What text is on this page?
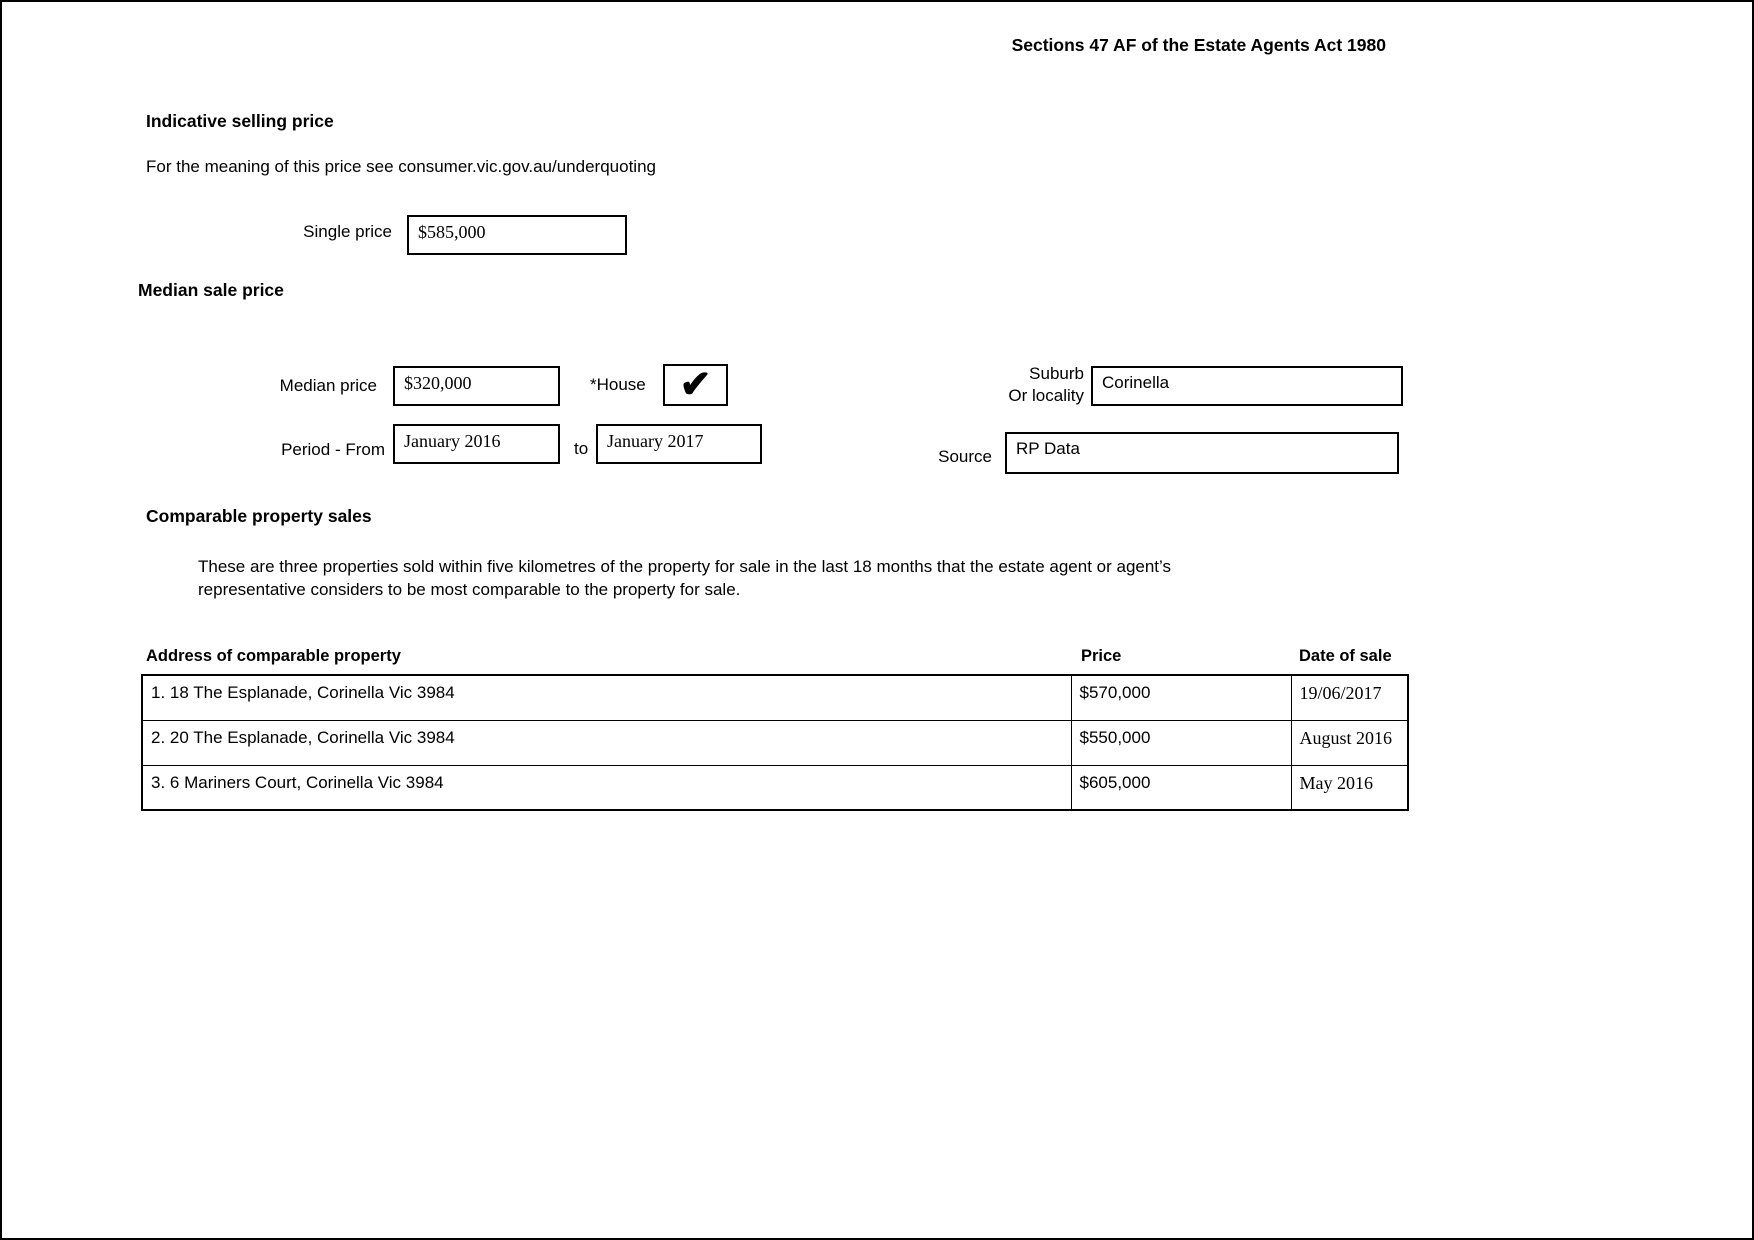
Sections 47 AF of the Estate Agents Act 1980
Indicative selling price
For the meaning of this price see consumer.vic.gov.au/underquoting
Single price	$585,000
Median sale price
Median price	$320,000	*House ✔	Suburb
Or locality
Corinella
Period - From	January 2016	to	January 2017
Source	RP Data
Comparable property sales
These are three properties sold within five kilometres of the property for sale in the last 18 months that the estate agent or agent’s representative considers to be most comparable to the property for sale.
Address of comparable property	Price	Date of sale
1. 18 The Esplanade, Corinella Vic 3984	$570,000	19/06/2017
2. 20 The Esplanade, Corinella Vic 3984	$550,000	August 2016
3. 6 Mariners Court, Corinella Vic 3984	$605,000	May 2016
